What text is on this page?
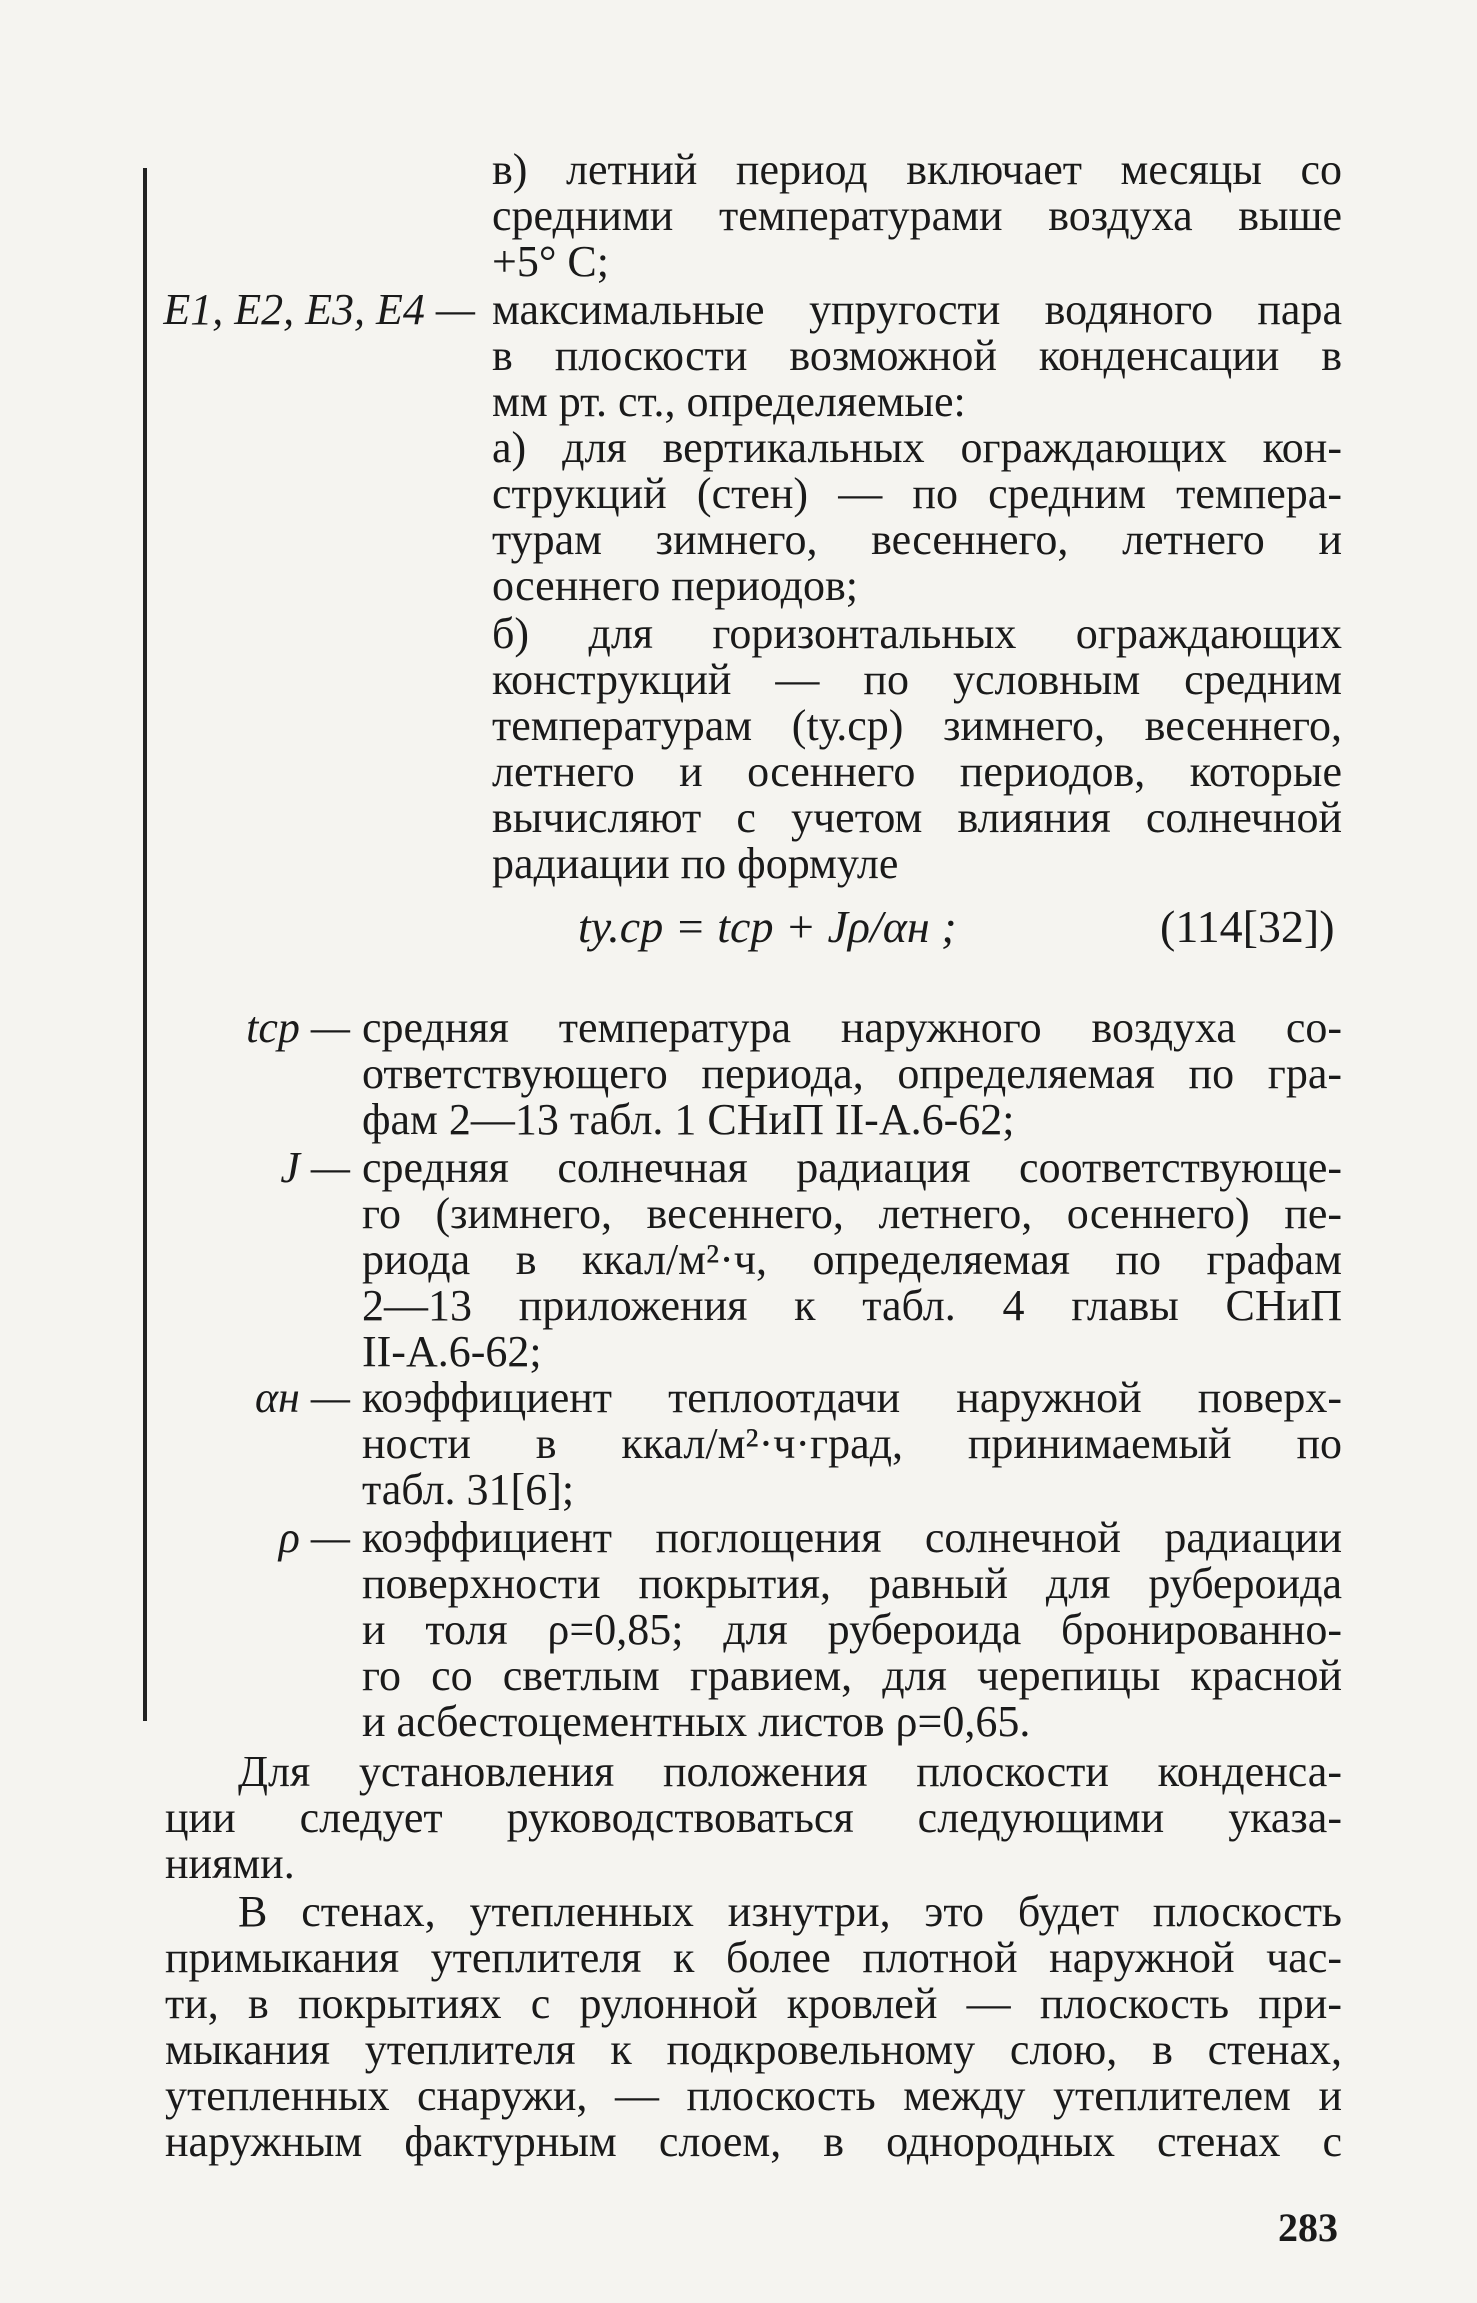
в) летний период включает месяцы со
средними температурами воздуха выше
+5° С;
E1, E2, E3, E4 — максимальные упругости водяного пара
в плоскости возможной конденсации в
мм рт. ст., определяемые:
а) для вертикальных ограждающих кон-
струкций (стен) — по средним темпера-
турам зимнего, весеннего, летнего и
осеннего периодов;
б) для горизонтальных ограждающих
конструкций — по условным средним
температурам (tу.ср) зимнего, весеннего,
летнего и осеннего периодов, которые
вычисляют с учетом влияния солнечной
радиации по формуле
tу.ср = tср + Jρ/αн ;	(114[32])
tср — средняя температура наружного воздуха со-
ответствующего периода, определяемая по гра-
фам 2—13 табл. 1 СНиП II-А.6-62;
J — средняя солнечная радиация соответствующе-
го (зимнего, весеннего, летнего, осеннего) пе-
риода в ккал/м²·ч, определяемая по графам
2—13 приложения к табл. 4 главы СНиП
II-А.6-62;
αн — коэффициент теплоотдачи наружной поверх-
ности в ккал/м²·ч·град, принимаемый по
табл. 31[6];
ρ — коэффициент поглощения солнечной радиации
поверхности покрытия, равный для рубероида
и толя ρ=0,85; для рубероида бронированно-
го со светлым гравием, для черепицы красной
и асбестоцементных листов ρ=0,65.
Для установления положения плоскости конденса-
ции следует руководствоваться следующими указа-
ниями.
В стенах, утепленных изнутри, это будет плоскость
примыкания утеплителя к более плотной наружной час-
ти, в покрытиях с рулонной кровлей — плоскость при-
мыкания утеплителя к подкровельному слою, в стенах,
утепленных снаружи, — плоскость между утеплителем и
наружным фактурным слоем, в однородных стенах с
283
